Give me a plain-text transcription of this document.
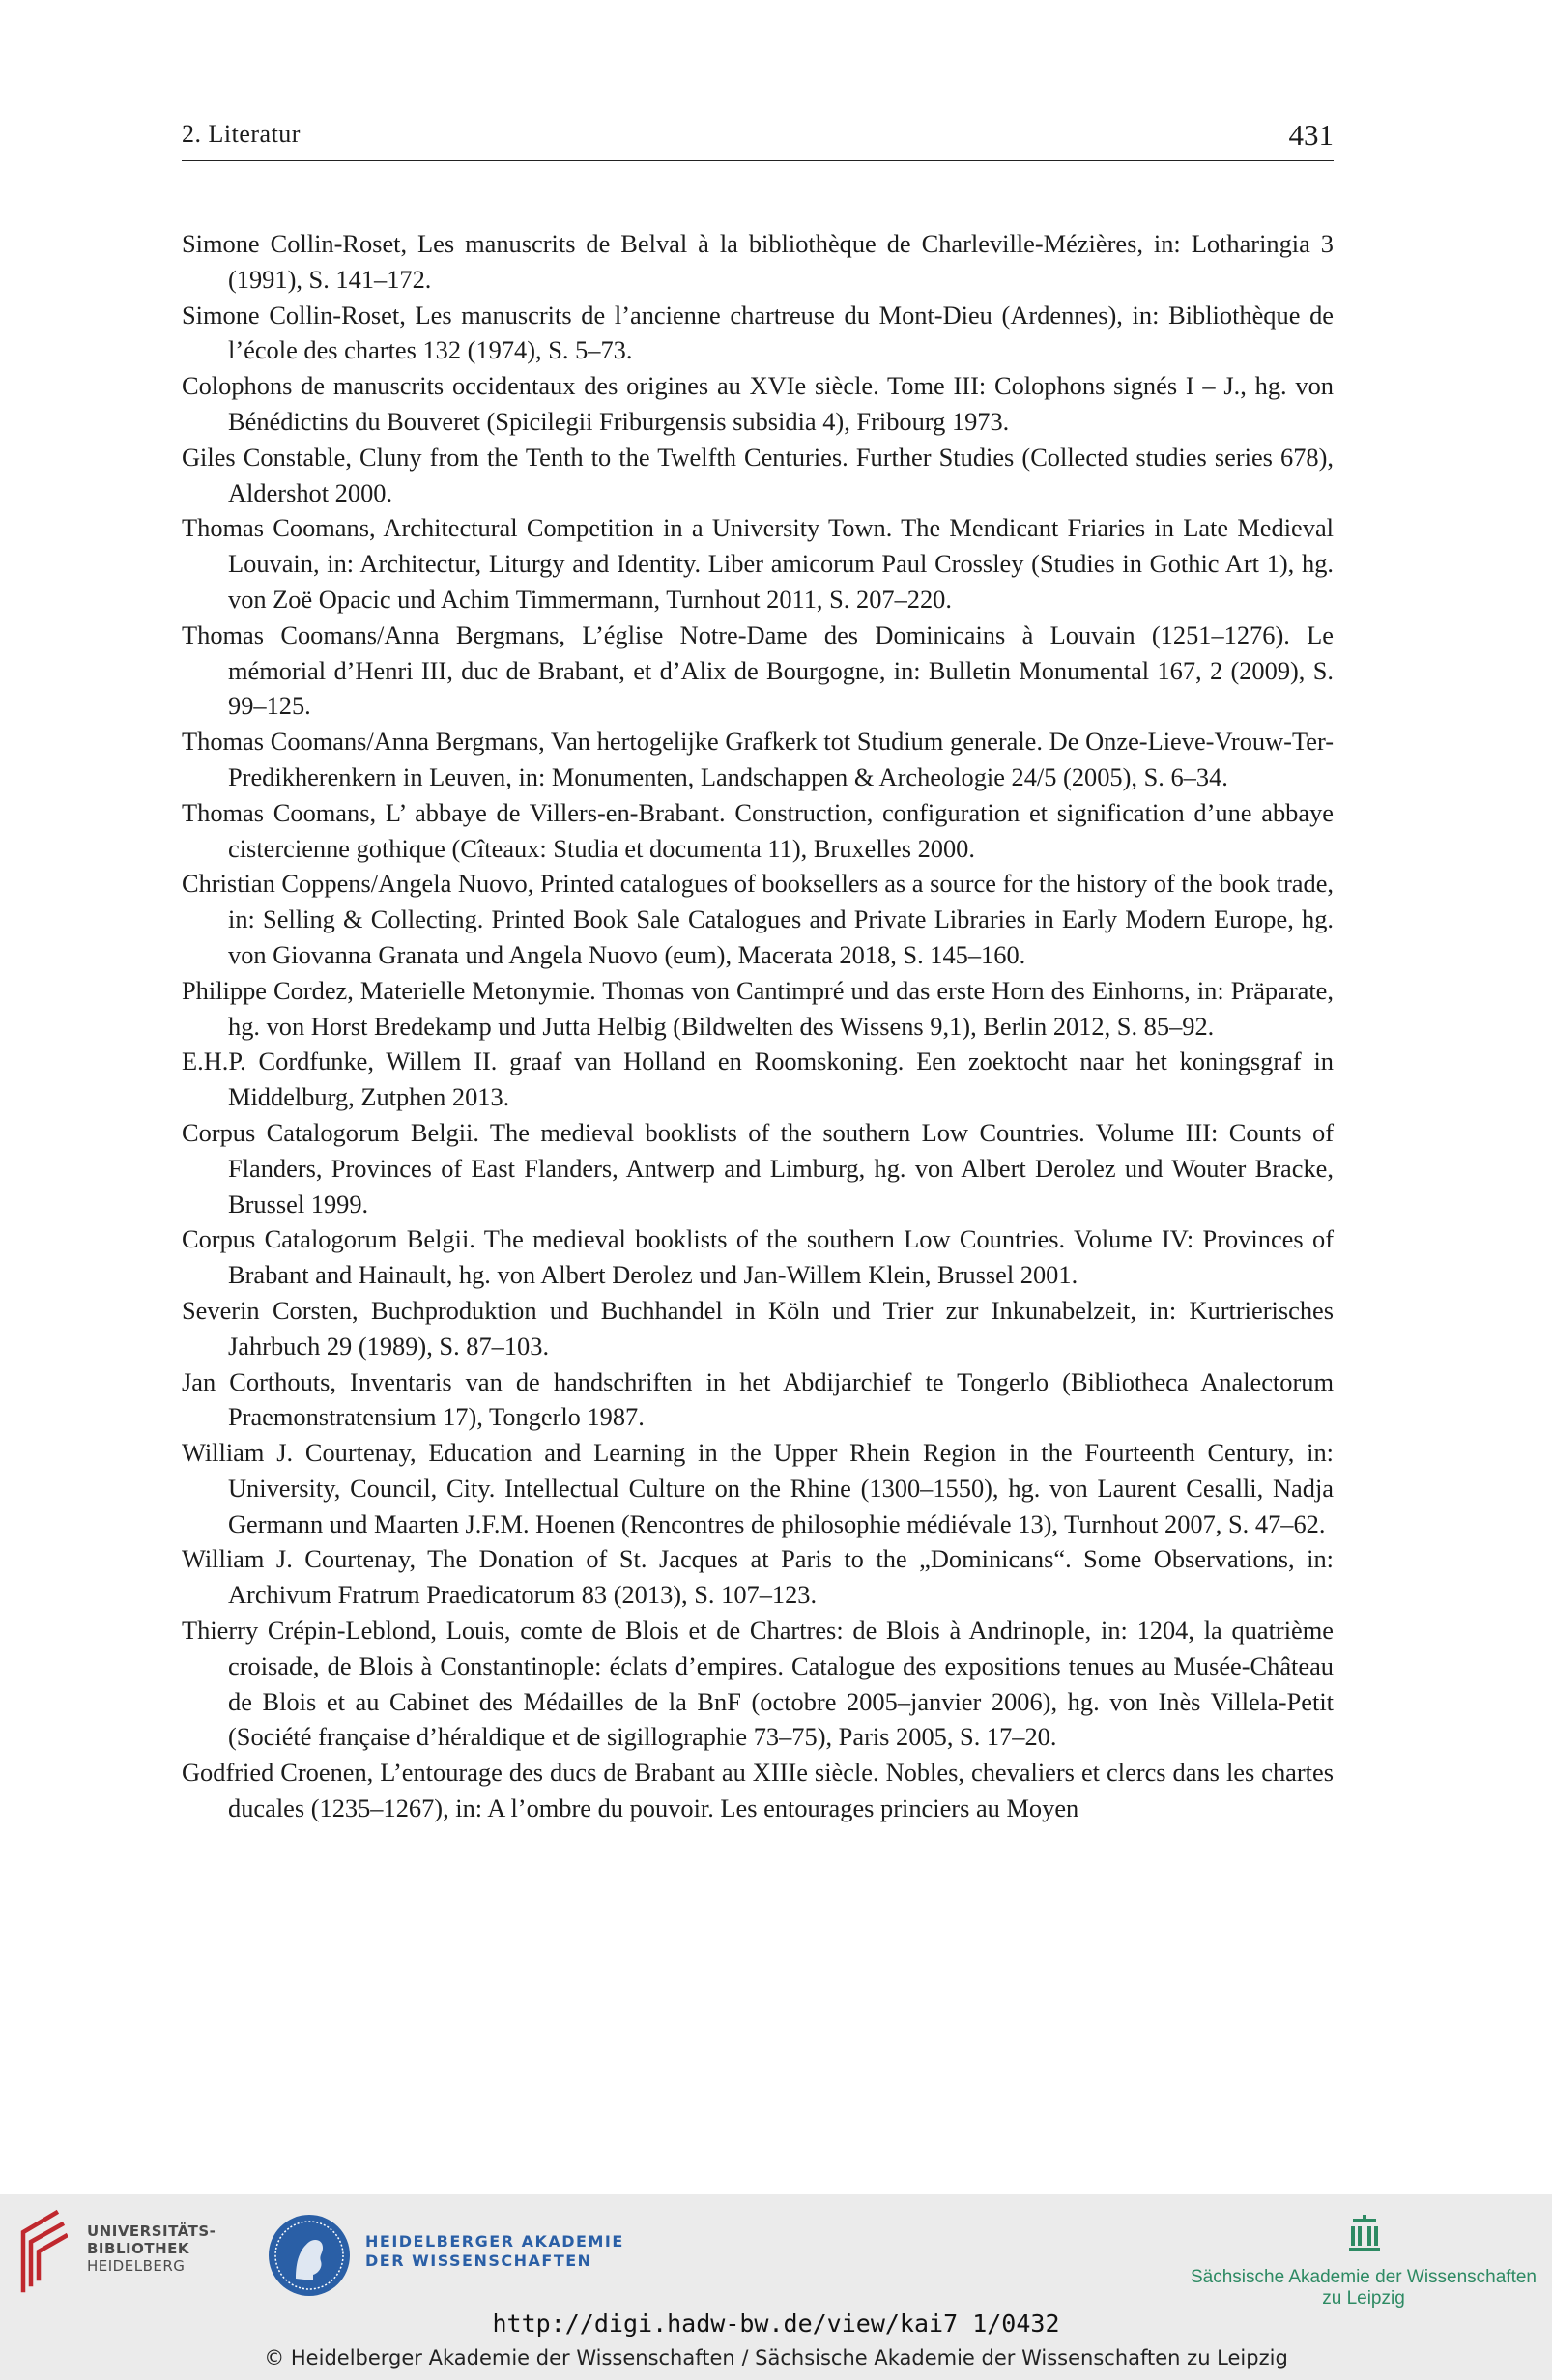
2. Literatur	431

Simone Collin-Roset, Les manuscrits de Belval à la bibliothèque de Charleville-Mézières, in: Lotharingia 3 (1991), S. 141–172.

Simone Collin-Roset, Les manuscrits de l’ancienne chartreuse du Mont-Dieu (Ardennes), in: Bibliothèque de l’école des chartes 132 (1974), S. 5–73.

Colophons de manuscrits occidentaux des origines au XVIe siècle. Tome III: Colophons signés I – J., hg. von Bénédictins du Bouveret (Spicilegii Friburgensis subsidia 4), Fribourg 1973.

Giles Constable, Cluny from the Tenth to the Twelfth Centuries. Further Studies (Collected studies series 678), Aldershot 2000.

Thomas Coomans, Architectural Competition in a University Town. The Mendicant Friaries in Late Medieval Louvain, in: Architectur, Liturgy and Identity. Liber amicorum Paul Crossley (Studies in Gothic Art 1), hg. von Zoë Opacic und Achim Timmermann, Turnhout 2011, S. 207–220.

Thomas Coomans/Anna Bergmans, L’église Notre-Dame des Dominicains à Louvain (1251–1276). Le mémorial d’Henri III, duc de Brabant, et d’Alix de Bourgogne, in: Bulletin Monumental 167, 2 (2009), S. 99–125.

Thomas Coomans/Anna Bergmans, Van hertogelijke Grafkerk tot Studium generale. De Onze-Lieve-Vrouw-Ter-Predikherenkern in Leuven, in: Monumenten, Landschappen & Archeologie 24/5 (2005), S. 6–34.

Thomas Coomans, L’ abbaye de Villers-en-Brabant. Construction, configuration et signification d’une abbaye cistercienne gothique (Cîteaux: Studia et documenta 11), Bruxelles 2000.

Christian Coppens/Angela Nuovo, Printed catalogues of booksellers as a source for the history of the book trade, in: Selling & Collecting. Printed Book Sale Catalogues and Private Libraries in Early Modern Europe, hg. von Giovanna Granata und Angela Nuovo (eum), Macerata 2018, S. 145–160.

Philippe Cordez, Materielle Metonymie. Thomas von Cantimpré und das erste Horn des Einhorns, in: Präparate, hg. von Horst Bredekamp und Jutta Helbig (Bildwelten des Wissens 9,1), Berlin 2012, S. 85–92.

E.H.P. Cordfunke, Willem II. graaf van Holland en Roomskoning. Een zoektocht naar het koningsgraf in Middelburg, Zutphen 2013.

Corpus Catalogorum Belgii. The medieval booklists of the southern Low Countries. Volume III: Counts of Flanders, Provinces of East Flanders, Antwerp and Limburg, hg. von Albert Derolez und Wouter Bracke, Brussel 1999.

Corpus Catalogorum Belgii. The medieval booklists of the southern Low Countries. Volume IV: Provinces of Brabant and Hainault, hg. von Albert Derolez und Jan-Willem Klein, Brussel 2001.

Severin Corsten, Buchproduktion und Buchhandel in Köln und Trier zur Inkunabelzeit, in: Kurtrierisches Jahrbuch 29 (1989), S. 87–103.

Jan Corthouts, Inventaris van de handschriften in het Abdijarchief te Tongerlo (Bibliotheca Analectorum Praemonstratensium 17), Tongerlo 1987.

William J. Courtenay, Education and Learning in the Upper Rhein Region in the Fourteenth Century, in: University, Council, City. Intellectual Culture on the Rhine (1300–1550), hg. von Laurent Cesalli, Nadja Germann und Maarten J.F.M. Hoenen (Rencontres de philosophie médiévale 13), Turnhout 2007, S. 47–62.

William J. Courtenay, The Donation of St. Jacques at Paris to the „Dominicans“. Some Observations, in: Archivum Fratrum Praedicatorum 83 (2013), S. 107–123.

Thierry Crépin-Leblond, Louis, comte de Blois et de Chartres: de Blois à Andrinople, in: 1204, la quatrième croisade, de Blois à Constantinople: éclats d’empires. Catalogue des expositions tenues au Musée-Château de Blois et au Cabinet des Médailles de la BnF (octobre 2005–janvier 2006), hg. von Inès Villela-Petit (Société française d’héraldique et de sigillographie 73–75), Paris 2005, S. 17–20.

Godfried Croenen, L’entourage des ducs de Brabant au XIIIe siècle. Nobles, chevaliers et clercs dans les chartes ducales (1235–1267), in: A l’ombre du pouvoir. Les entourages princiers au Moyen

UNIVERSITÄTS-
BIBLIOTHEK
HEIDELBERG
HEIDELBERGER AKADEMIE
DER WISSENSCHAFTEN
Sächsische Akademie der Wissenschaften
zu Leipzig
http://digi.hadw-bw.de/view/kai7_1/0432
© Heidelberger Akademie der Wissenschaften / Sächsische Akademie der Wissenschaften zu Leipzig
